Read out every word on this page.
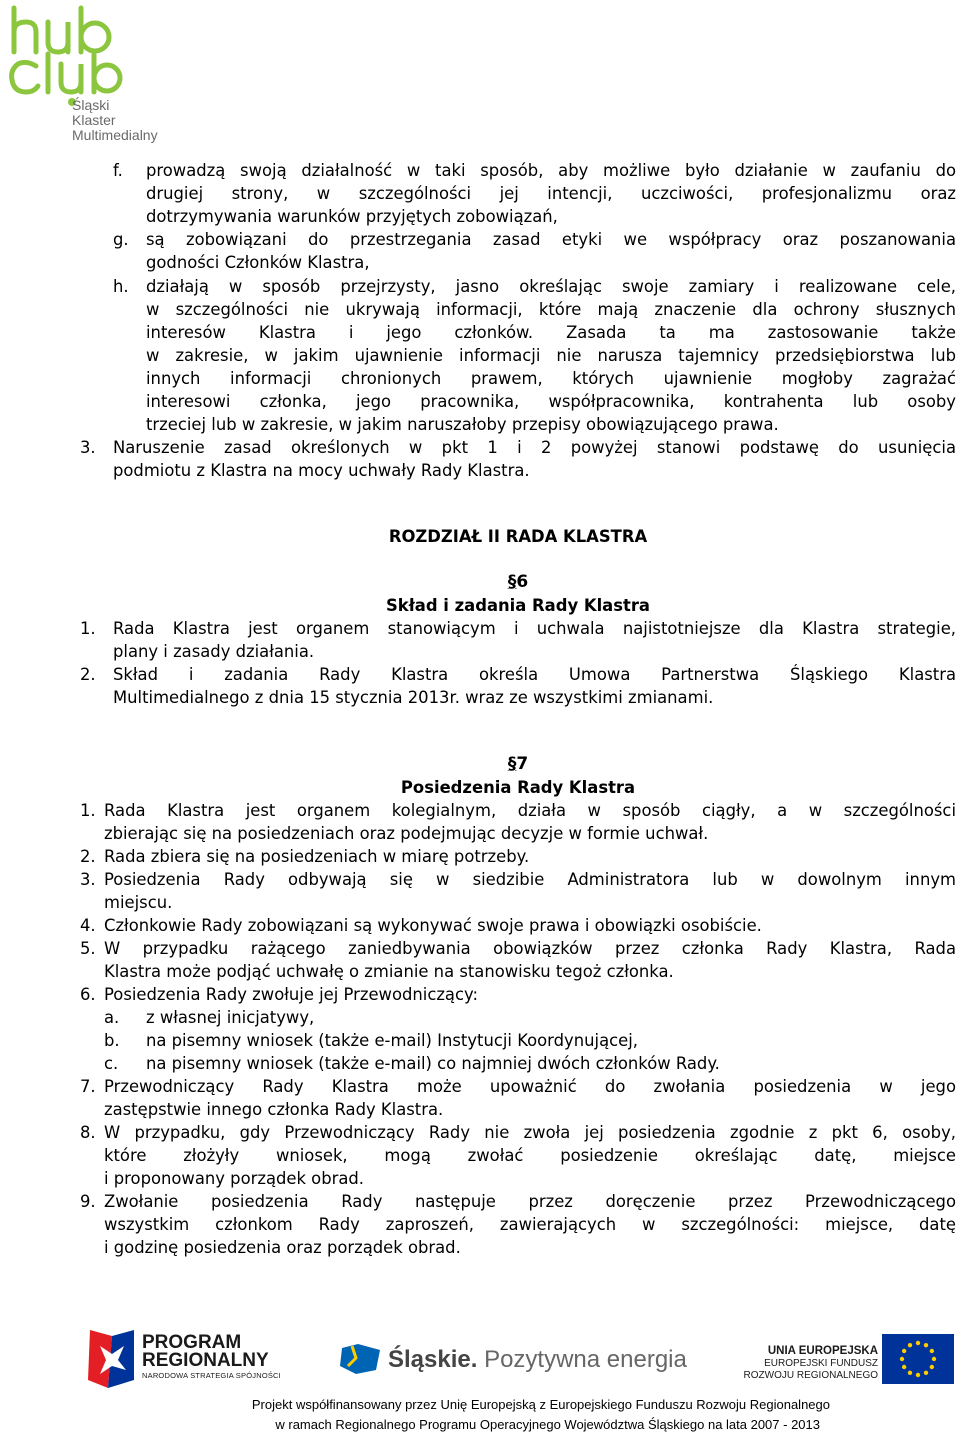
Śląski
Klaster
Multimedialny
f. prowadzą swoją działalność w taki sposób, aby możliwe było działanie w zaufaniu do
drugiej strony, w szczególności jej intencji, uczciwości, profesjonalizmu oraz
dotrzymywania warunków przyjętych zobowiązań,
g. są zobowiązani do przestrzegania zasad etyki we współpracy oraz poszanowania
godności Członków Klastra,
h. działają w sposób przejrzysty, jasno określając swoje zamiary i realizowane cele,
w szczególności nie ukrywają informacji, które mają znaczenie dla ochrony słusznych
interesów Klastra i jego członków. Zasada ta ma zastosowanie także
w zakresie, w jakim ujawnienie informacji nie narusza tajemnicy przedsiębiorstwa lub
innych informacji chronionych prawem, których ujawnienie mogłoby zagrażać
interesowi członka, jego pracownika, współpracownika, kontrahenta lub osoby
trzeciej lub w zakresie, w jakim naruszałoby przepisy obowiązującego prawa.
3. Naruszenie zasad określonych w pkt 1 i 2 powyżej stanowi podstawę do usunięcia
podmiotu z Klastra na mocy uchwały Rady Klastra.
ROZDZIAŁ II RADA KLASTRA
§6
Skład i zadania Rady Klastra
1. Rada Klastra jest organem stanowiącym i uchwala najistotniejsze dla Klastra strategie,
plany i zasady działania.
2. Skład i zadania Rady Klastra określa Umowa Partnerstwa Śląskiego Klastra
Multimedialnego z dnia 15 stycznia 2013r. wraz ze wszystkimi zmianami.
§7
Posiedzenia Rady Klastra
1. Rada Klastra jest organem kolegialnym, działa w sposób ciągły, a w szczególności
zbierając się na posiedzeniach oraz podejmując decyzje w formie uchwał.
2. Rada zbiera się na posiedzeniach w miarę potrzeby.
3. Posiedzenia Rady odbywają się w siedzibie Administratora lub w dowolnym innym
miejscu.
4. Członkowie Rady zobowiązani są wykonywać swoje prawa i obowiązki osobiście.
5. W przypadku rażącego zaniedbywania obowiązków przez członka Rady Klastra, Rada
Klastra może podjąć uchwałę o zmianie na stanowisku tegoż członka.
6. Posiedzenia Rady zwołuje jej Przewodniczący:
a. z własnej inicjatywy,
b. na pisemny wniosek (także e-mail) Instytucji Koordynującej,
c. na pisemny wniosek (także e-mail) co najmniej dwóch członków Rady.
7. Przewodniczący Rady Klastra może upoważnić do zwołania posiedzenia w jego
zastępstwie innego członka Rady Klastra.
8. W przypadku, gdy Przewodniczący Rady nie zwoła jej posiedzenia zgodnie z pkt 6, osoby,
które złożyły wniosek, mogą zwołać posiedzenie określając datę, miejsce
i proponowany porządek obrad.
9. Zwołanie posiedzenia Rady następuje przez doręczenie przez Przewodniczącego
wszystkim członkom Rady zaproszeń, zawierających w szczególności: miejsce, datę
i godzinę posiedzenia oraz porządek obrad.
PROGRAM
REGIONALNY
NARODOWA STRATEGIA SPÓJNOŚCI
Śląskie. Pozytywna energia	UNIA EUROPEJSKA
EUROPEJSKI FUNDUSZ
ROZWOJU REGIONALNEGO
Projekt współfinansowany przez Unię Europejską z Europejskiego Funduszu Rozwoju Regionalnego
w ramach Regionalnego Programu Operacyjnego Województwa Śląskiego na lata 2007 - 2013
